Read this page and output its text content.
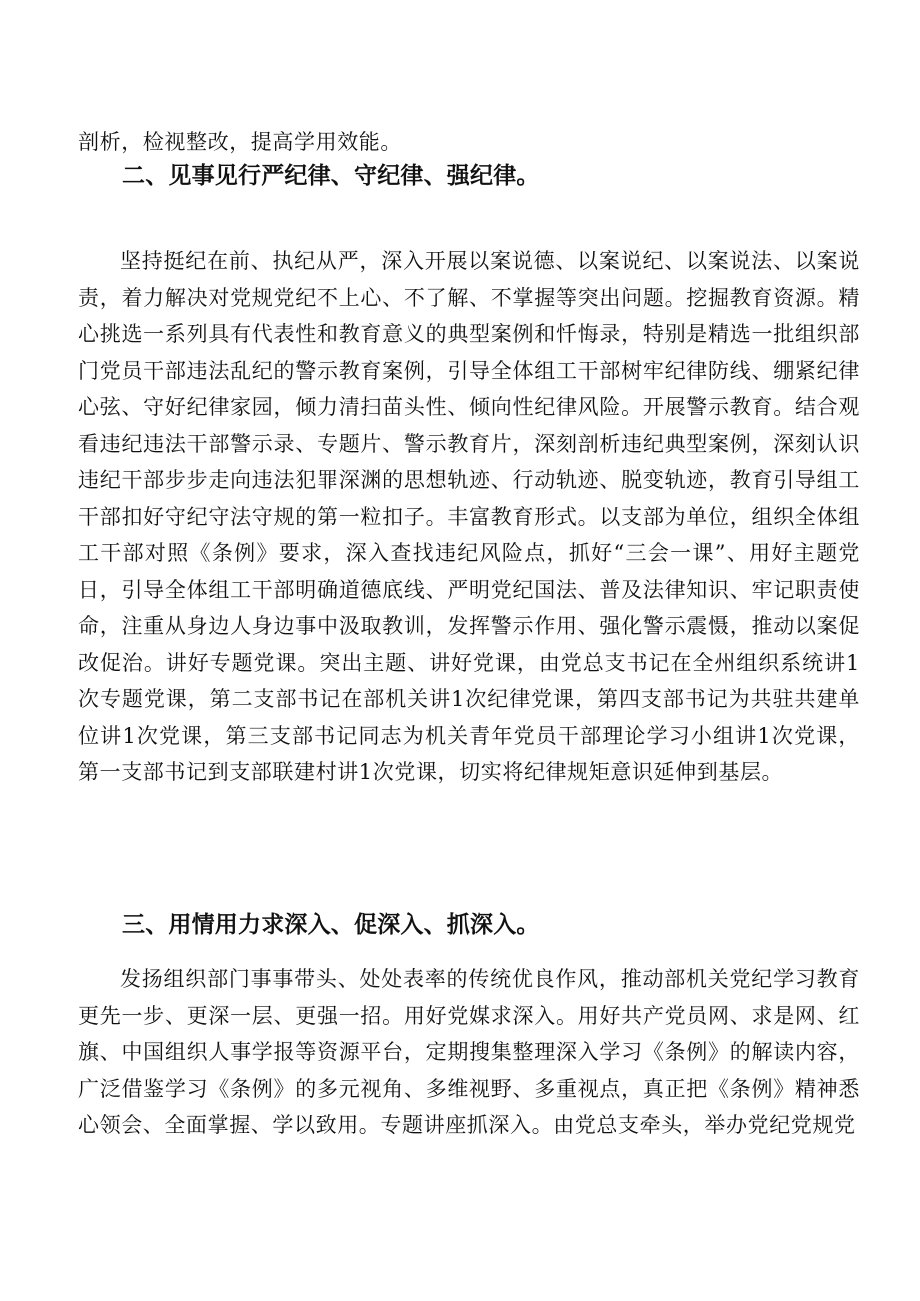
剖析，检视整改，提高学用效能。

二、见事见行严纪律、守纪律、强纪律。

坚持挺纪在前、执纪从严，深入开展以案说德、以案说纪、以案说法、以案说责，着力解决对党规党纪不上心、不了解、不掌握等突出问题。挖掘教育资源。精心挑选一系列具有代表性和教育意义的典型案例和忏悔录，特别是精选一批组织部门党员干部违法乱纪的警示教育案例，引导全体组工干部树牢纪律防线、绷紧纪律心弦、守好纪律家园，倾力清扫苗头性、倾向性纪律风险。开展警示教育。结合观看违纪违法干部警示录、专题片、警示教育片，深刻剖析违纪典型案例，深刻认识违纪干部步步走向违法犯罪深渊的思想轨迹、行动轨迹、脱变轨迹，教育引导组工干部扣好守纪守法守规的第一粒扣子。丰富教育形式。以支部为单位，组织全体组工干部对照《条例》要求，深入查找违纪风险点，抓好“三会一课”、用好主题党日，引导全体组工干部明确道德底线、严明党纪国法、普及法律知识、牢记职责使命，注重从身边人身边事中汲取教训，发挥警示作用、强化警示震慑，推动以案促改促治。讲好专题党课。突出主题、讲好党课，由党总支书记在全州组织系统讲1次专题党课，第二支部书记在部机关讲1次纪律党课，第四支部书记为共驻共建单位讲1次党课，第三支部书记同志为机关青年党员干部理论学习小组讲1次党课，第一支部书记到支部联建村讲1次党课，切实将纪律规矩意识延伸到基层。

三、用情用力求深入、促深入、抓深入。

发扬组织部门事事带头、处处表率的传统优良作风，推动部机关党纪学习教育更先一步、更深一层、更强一招。用好党媒求深入。用好共产党员网、求是网、红旗、中国组织人事学报等资源平台，定期搜集整理深入学习《条例》的解读内容，广泛借鉴学习《条例》的多元视角、多维视野、多重视点，真正把《条例》精神悉心领会、全面掌握、学以致用。专题讲座抓深入。由党总支牵头，举办党纪党规党
